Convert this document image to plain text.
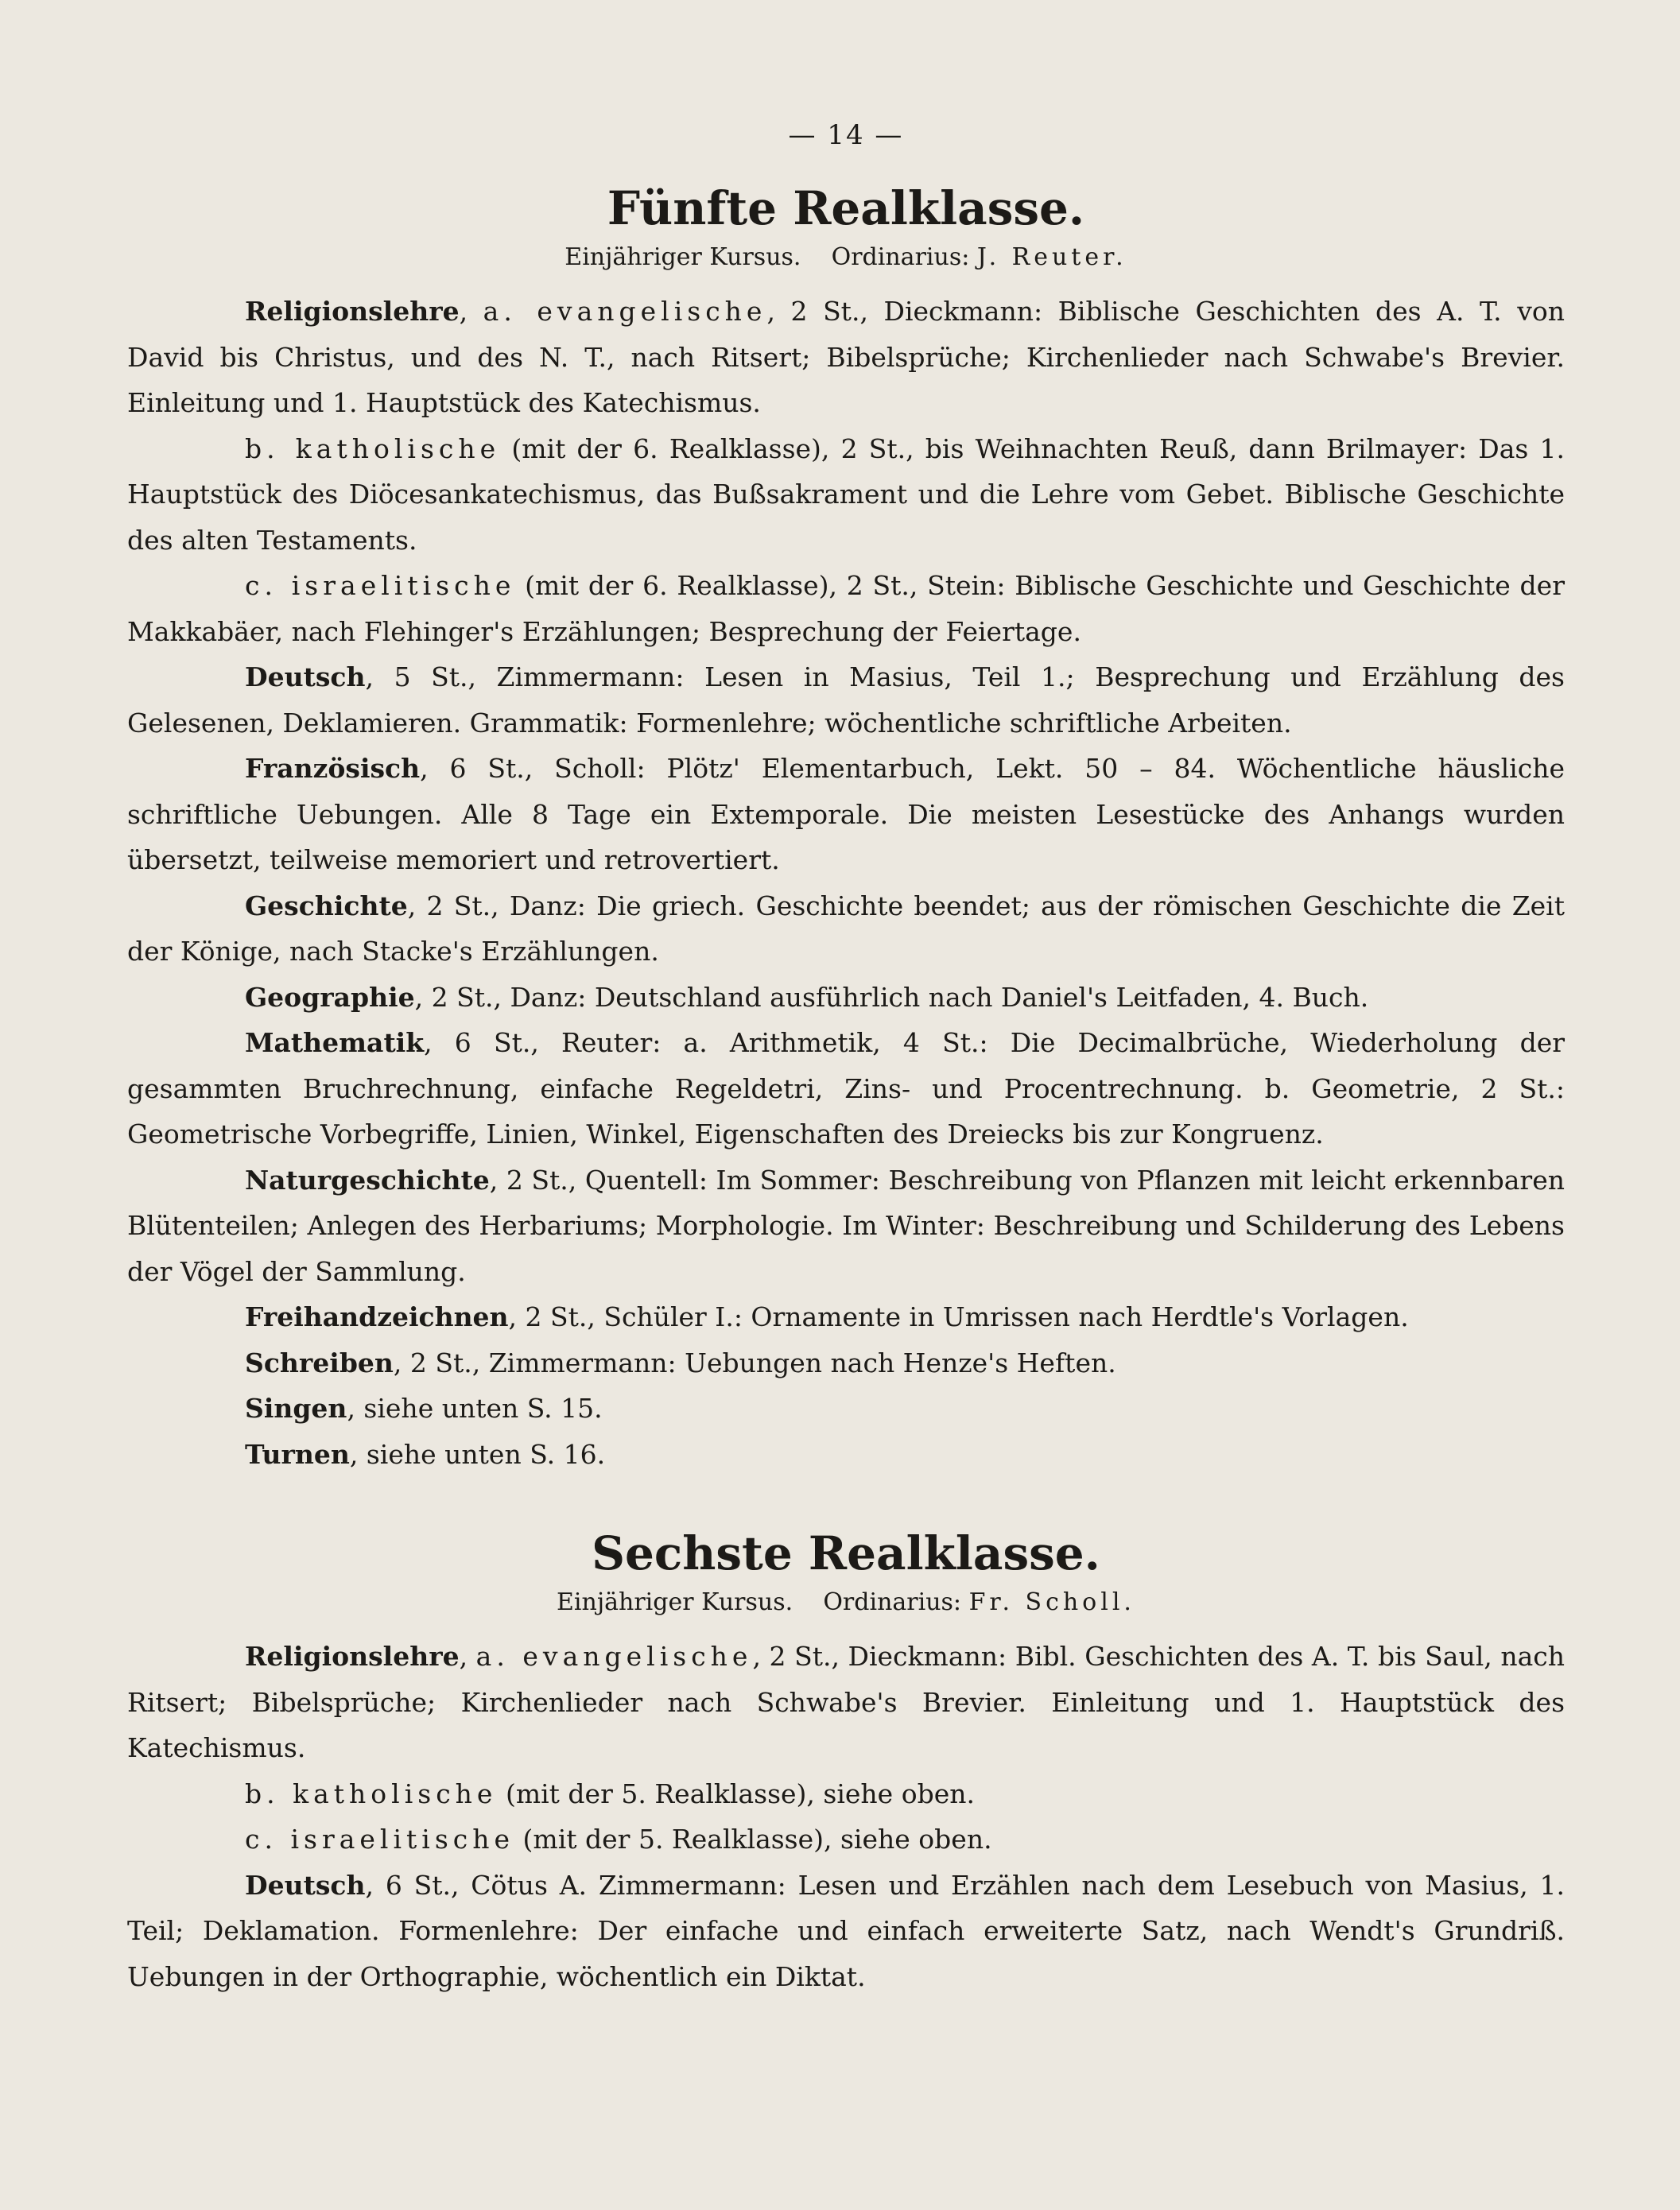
— 14 —
Fünfte Realklasse.
Einjähriger Kursus. Ordinarius: J. Reuter.

Religionslehre, a. evangelische, 2 St., Dieckmann: Biblische Geschichten des A. T. von David bis Christus, und des N. T., nach Ritsert; Bibelsprüche; Kirchenlieder nach Schwabe's Brevier. Einleitung und 1. Hauptstück des Katechismus.

b. katholische (mit der 6. Realklasse), 2 St., bis Weihnachten Reuß, dann Brilmayer: Das 1. Hauptstück des Diöcesankatechismus, das Bußsakrament und die Lehre vom Gebet. Biblische Geschichte des alten Testaments.

c. israelitische (mit der 6. Realklasse), 2 St., Stein: Biblische Geschichte und Geschichte der Makkabäer, nach Flehinger's Erzählungen; Besprechung der Feiertage.

Deutsch, 5 St., Zimmermann: Lesen in Masius, Teil 1.; Besprechung und Erzählung des Gelesenen, Deklamieren. Grammatik: Formenlehre; wöchentliche schriftliche Arbeiten.

Französisch, 6 St., Scholl: Plötz' Elementarbuch, Lekt. 50 – 84. Wöchentliche häusliche schriftliche Uebungen. Alle 8 Tage ein Extemporale. Die meisten Lesestücke des Anhangs wurden übersetzt, teilweise memoriert und retrovertiert.

Geschichte, 2 St., Danz: Die griech. Geschichte beendet; aus der römischen Geschichte die Zeit der Könige, nach Stacke's Erzählungen.

Geographie, 2 St., Danz: Deutschland ausführlich nach Daniel's Leitfaden, 4. Buch.

Mathematik, 6 St., Reuter: a. Arithmetik, 4 St.: Die Decimalbrüche, Wiederholung der gesammten Bruchrechnung, einfache Regeldetri, Zins- und Procentrechnung. b. Geometrie, 2 St.: Geometrische Vorbegriffe, Linien, Winkel, Eigenschaften des Dreiecks bis zur Kongruenz.

Naturgeschichte, 2 St., Quentell: Im Sommer: Beschreibung von Pflanzen mit leicht erkennbaren Blütenteilen; Anlegen des Herbariums; Morphologie. Im Winter: Beschreibung und Schilderung des Lebens der Vögel der Sammlung.

Freihandzeichnen, 2 St., Schüler I.: Ornamente in Umrissen nach Herdtle's Vorlagen.

Schreiben, 2 St., Zimmermann: Uebungen nach Henze's Heften.

Singen, siehe unten S. 15.

Turnen, siehe unten S. 16.

Sechste Realklasse.
Einjähriger Kursus. Ordinarius: Fr. Scholl.

Religionslehre, a. evangelische, 2 St., Dieckmann: Bibl. Geschichten des A. T. bis Saul, nach Ritsert; Bibelsprüche; Kirchenlieder nach Schwabe's Brevier. Einleitung und 1. Hauptstück des Katechismus.

b. katholische (mit der 5. Realklasse), siehe oben.

c. israelitische (mit der 5. Realklasse), siehe oben.

Deutsch, 6 St., Cötus A. Zimmermann: Lesen und Erzählen nach dem Lesebuch von Masius, 1. Teil; Deklamation. Formenlehre: Der einfache und einfach erweiterte Satz, nach Wendt's Grundriß. Uebungen in der Orthographie, wöchentlich ein Diktat.
